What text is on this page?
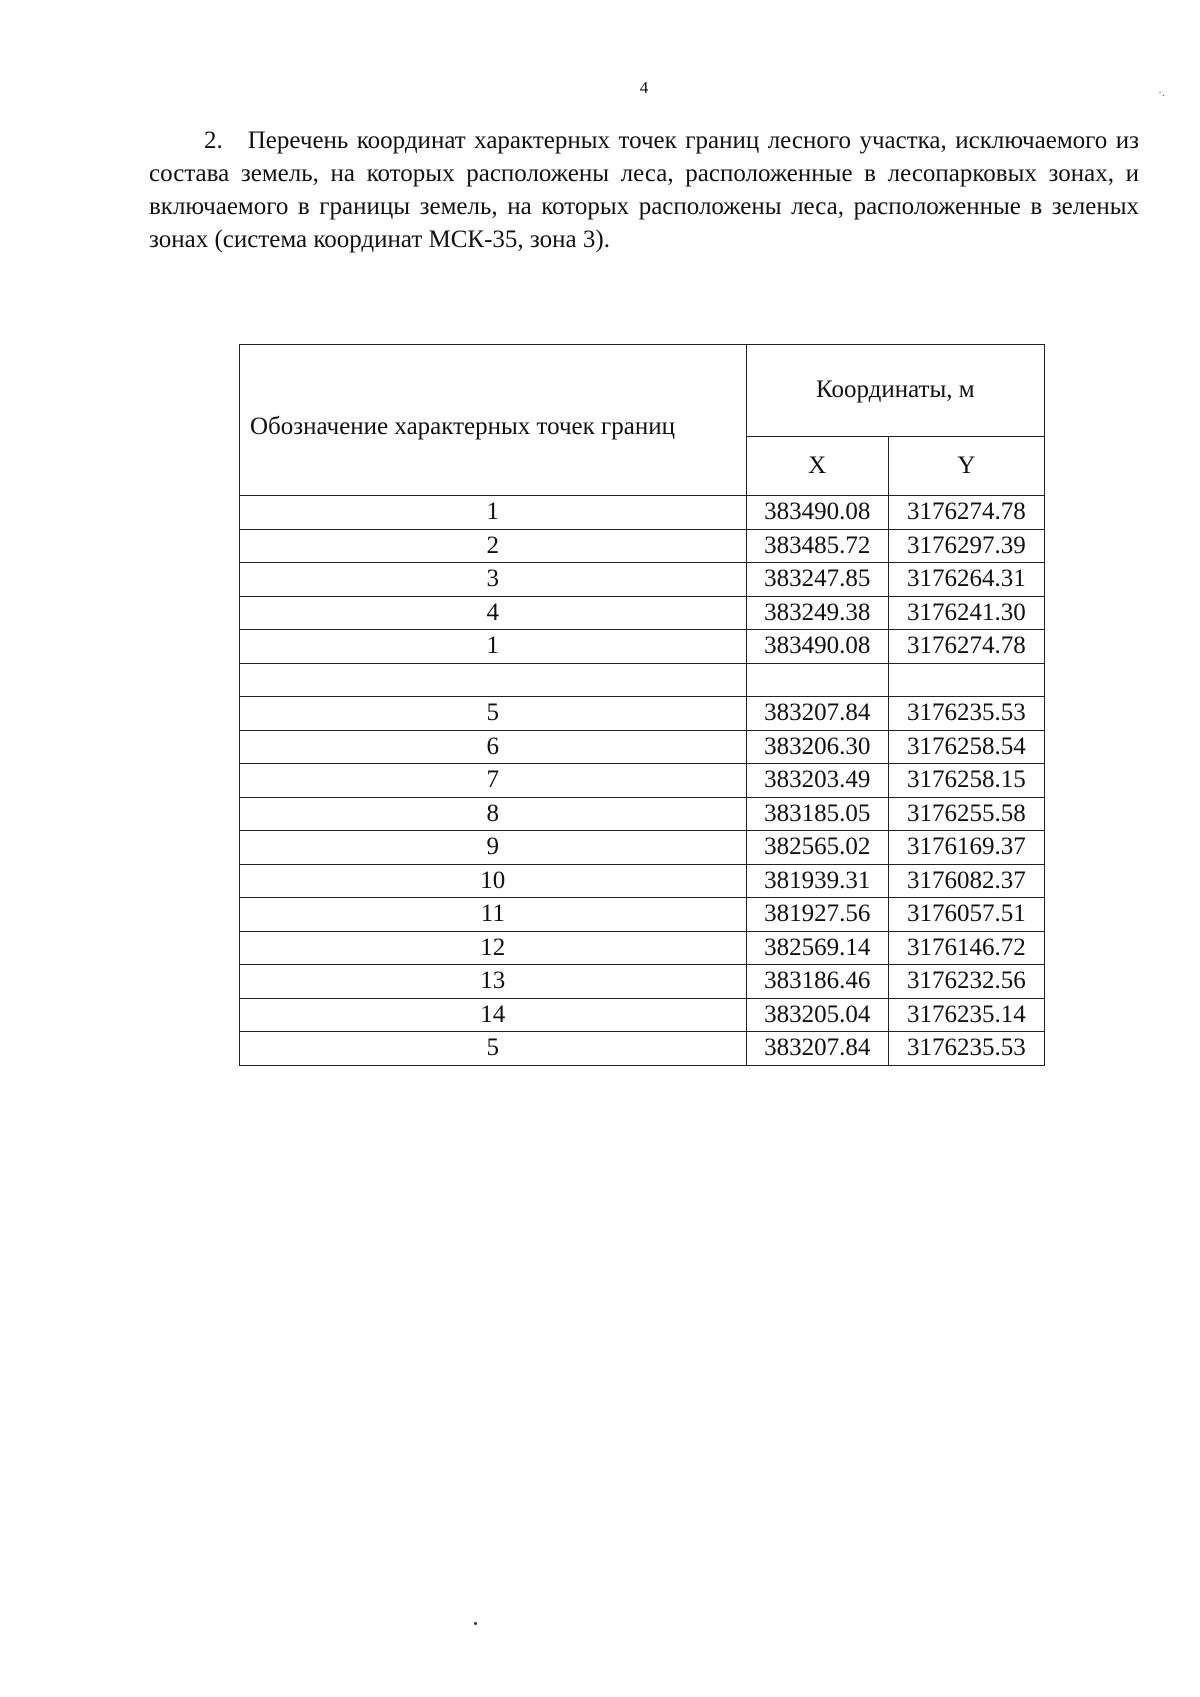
4	·.

2. Перечень координат характерных точек границ лесного участка, исключаемого из состава земель, на которых расположены леса, расположенные в лесопарковых зонах, и включаемого в границы земель, на которых расположены леса, расположенные в зеленых зонах (система координат МСК-35, зона 3).

Обозначение характерных точек границ	Координаты, м	
	X	Y
1	383490.08	3176274.78
2	383485.72	3176297.39
3	383247.85	3176264.31
4	383249.38	3176241.30
1	383490.08	3176274.78

5	383207.84	3176235.53
6	383206.30	3176258.54
7	383203.49	3176258.15
8	383185.05	3176255.58
9	382565.02	3176169.37
10	381939.31	3176082.37
11	381927.56	3176057.51
12	382569.14	3176146.72
13	383186.46	3176232.56
14	383205.04	3176235.14
5	383207.84	3176235.53
